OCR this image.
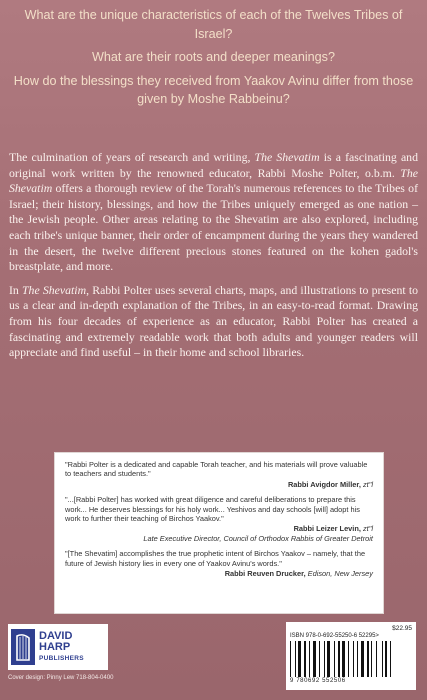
What are the unique characteristics of each of the Twelves Tribes of Israel?
What are their roots and deeper meanings?
How do the blessings they received from Yaakov Avinu differ from those given by Moshe Rabbeinu?

The culmination of years of research and writing, The Shevatim is a fascinating and original work written by the renowned educator, Rabbi Moshe Polter, o.b.m. The Shevatim offers a thorough review of the Torah's numerous references to the Tribes of Israel; their history, blessings, and how the Tribes uniquely emerged as one nation – the Jewish people. Other areas relating to the Shevatim are also explored, including each tribe's unique banner, their order of encampment during the years they wandered in the desert, the twelve different precious stones featured on the kohen gadol's breastplate, and more.

In The Shevatim, Rabbi Polter uses several charts, maps, and illustrations to present to us a clear and in-depth explanation of the Tribes, in an easy-to-read format. Drawing from his four decades of experience as an educator, Rabbi Polter has created a fascinating and extremely readable work that both adults and younger readers will appreciate and find useful – in their home and school libraries.

"Rabbi Polter is a dedicated and capable Torah teacher, and his materials will prove valuable to teachers and students."
Rabbi Avigdor Miller, zt"l
"...[Rabbi Polter] has worked with great diligence and careful deliberations to prepare this work... He deserves blessings for his holy work... Yeshivos and day schools [will] adopt his work to further their teaching of Birchos Yaakov."
Rabbi Leizer Levin, zt"l
Late Executive Director, Council of Orthodox Rabbis of Greater Detroit
"[The Shevatim] accomplishes the true prophetic intent of Birchos Yaakov – namely, that the future of Jewish history lies in every one of Yaakov Avinu's words."
Rabbi Reuven Drucker, Edison, New Jersey
DAVID
HARP
PUBLISHERS
Cover design: Pinny Lew 718-804-0400
$22.95
ISBN 978-0-692-55250-6 52295>
9 780692 552506
